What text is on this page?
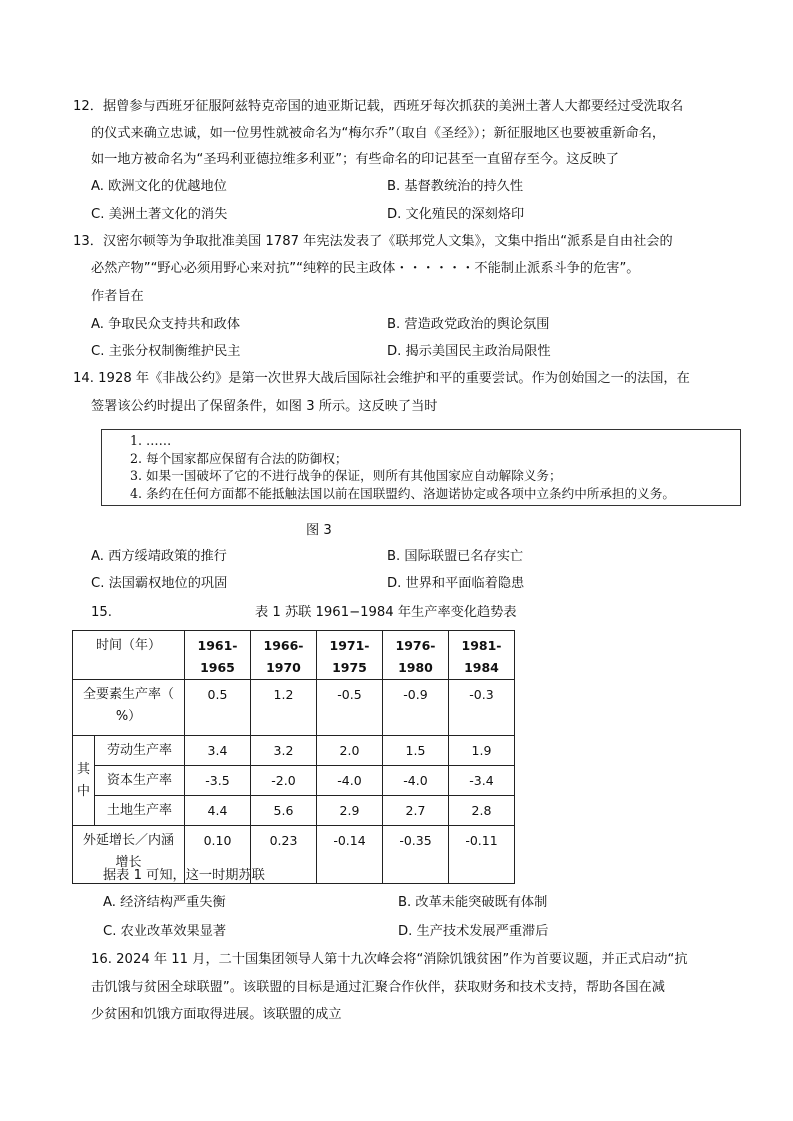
12．据曾参与西班牙征服阿兹特克帝国的迪亚斯记载，西班牙每次抓获的美洲土著人大都要经过受洗取名
的仪式来确立忠诚，如一位男性就被命名为“梅尔乔”（取自《圣经》）；新征服地区也要被重新命名，
如一地方被命名为“圣玛利亚德拉维多利亚”；有些命名的印记甚至一直留存至今。这反映了
A. 欧洲文化的优越地位	B. 基督教统治的持久性
C. 美洲土著文化的消失	D. 文化殖民的深刻烙印
13．汉密尔顿等为争取批准美国 1787 年宪法发表了《联邦党人文集》，文集中指出“派系是自由社会的
必然产物”“野心必须用野心来对抗”“纯粹的民主政体・・・・・・不能制止派系斗争的危害”。
作者旨在
A. 争取民众支持共和政体	B. 营造政党政治的舆论氛围
C. 主张分权制衡维护民主	D. 揭示美国民主政治局限性
14. 1928 年《非战公约》是第一次世界大战后国际社会维护和平的重要尝试。作为创始国之一的法国，在
签署该公约时提出了保留条件，如图 3 所示。这反映了当时
1. ……
2. 每个国家都应保留有合法的防御权；
3. 如果一国破坏了它的不进行战争的保证，则所有其他国家应自动解除义务；
4. 条约在任何方面都不能抵触法国以前在国联盟约、洛迦诺协定或各项中立条约中所承担的义务。
图 3
A. 西方绥靖政策的推行	B. 国际联盟已名存实亡
C. 法国霸权地位的巩固	D. 世界和平面临着隐患
15.	表 1 苏联 1961−1984 年生产率变化趋势表
时间（年）		1961-1965	1966-1970	1971-1975	1976-1980	1981-1984

全要素生产率（
%）		0.5	1.2	-0.5	-0.9	-0.3

其
中	劳动生产率	3.4	3.2	2.0	1.5	1.9
	资本生产率	-3.5	-2.0	-4.0	-4.0	-3.4
	土地生产率	4.4	5.6	2.9	2.7	2.8

外延增长／内涵
增长		0.10	0.23	-0.14	-0.35	-0.11
据表 1 可知，这一时期苏联
A. 经济结构严重失衡	B. 改革未能突破既有体制
C. 农业改革效果显著	D. 生产技术发展严重滞后
16. 2024 年 11 月，二十国集团领导人第十九次峰会将“消除饥饿贫困”作为首要议题，并正式启动“抗
击饥饿与贫困全球联盟”。该联盟的目标是通过汇聚合作伙伴，获取财务和技术支持，帮助各国在减
少贫困和饥饿方面取得进展。该联盟的成立
